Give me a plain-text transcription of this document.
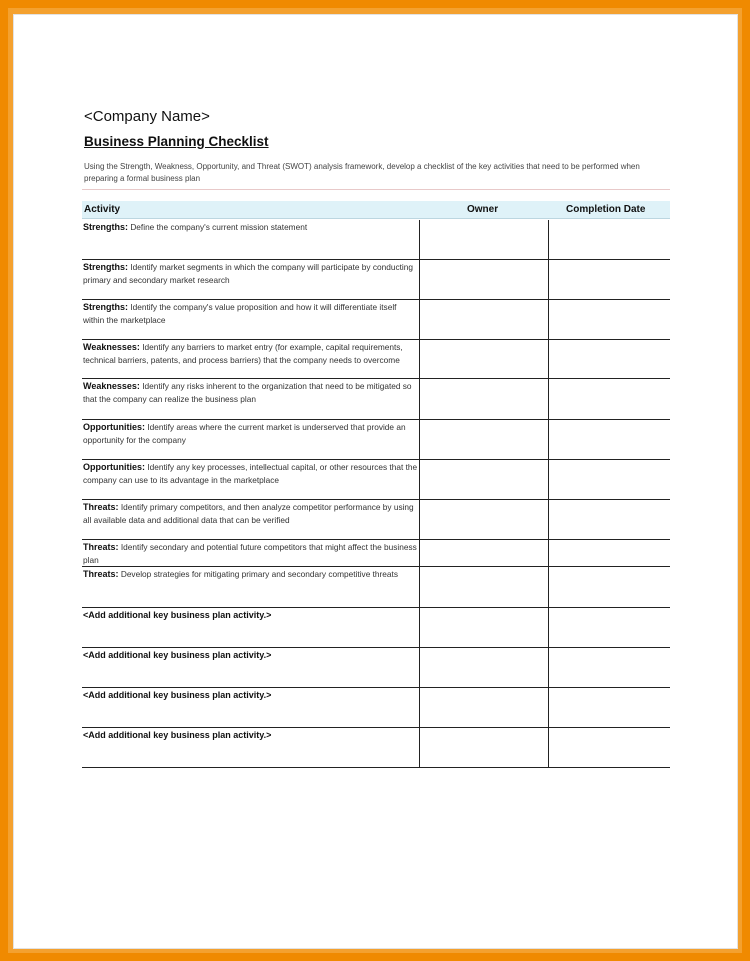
<Company Name>
Business Planning Checklist
Using the Strength, Weakness, Opportunity, and Threat (SWOT) analysis framework, develop a checklist of the key activities that need to be performed when preparing a formal business plan
Activity	Owner	Completion Date
Strengths: Define the company's current mission statement
Strengths: Identify market segments in which the company will participate by conducting primary and secondary market research
Strengths: Identify the company's value proposition and how it will differentiate itself within the marketplace
Weaknesses: Identify any barriers to market entry (for example, capital requirements, technical barriers, patents, and process barriers) that the company needs to overcome
Weaknesses: Identify any risks inherent to the organization that need to be mitigated so that the company can realize the business plan
Opportunities: Identify areas where the current market is underserved that provide an opportunity for the company
Opportunities: Identify any key processes, intellectual capital, or other resources that the company can use to its advantage in the marketplace
Threats: Identify primary competitors, and then analyze competitor performance by using all available data and additional data that can be verified
Threats: Identify secondary and potential future competitors that might affect the business plan
Threats: Develop strategies for mitigating primary and secondary competitive threats
<Add additional key business plan activity.>
<Add additional key business plan activity.>
<Add additional key business plan activity.>
<Add additional key business plan activity.>
